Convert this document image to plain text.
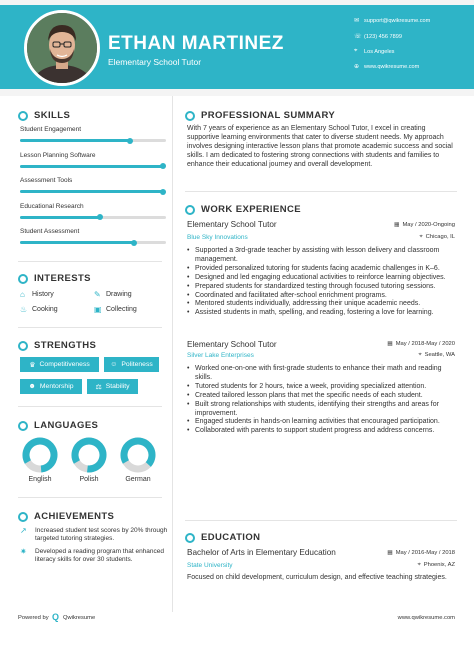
ETHAN MARTINEZ
Elementary School Tutor
✉ support@qwikresume.com
☏ (123) 456 7899
⌖	Los Angeles
⊕ www.qwikresume.com
SKILLS
Student Engagement
Lesson Planning Software
Assessment Tools
Educational Research
Student Assessment
INTERESTS
⌂	History	✎ Drawing
♨ Cooking	▣ Collecting
STRENGTHS
♛ Competitiveness	☺ Politeness
☻ Mentorship	⚖ Stability
LANGUAGES
English	Polish	German
ACHIEVEMENTS
↗	Increased student test scores by 20% through targeted tutoring strategies.
✷	Developed a reading program that enhanced literacy skills for over 30 students.
PROFESSIONAL SUMMARY
With 7 years of experience as an Elementary School Tutor, I excel in creating supportive learning environments that cater to diverse student needs. My approach involves designing interactive lesson plans that promote academic success and social skills. I am dedicated to fostering strong connections with students and families to enhance their educational journey and overall development.
WORK EXPERIENCE
Elementary School Tutor	▦ May / 2020-Ongoing
Blue Sky Innovations	⌖ Chicago, IL
• Supported a 3rd-grade teacher by assisting with lesson delivery and classroom management.
• Provided personalized tutoring for students facing academic challenges in K–6.
• Designed and led engaging educational activities to reinforce learning objectives.
• Prepared students for standardized testing through focused tutoring sessions.
• Coordinated and facilitated after-school enrichment programs.
• Mentored students individually, addressing their unique academic needs.
• Assisted students in math, spelling, and reading, fostering a love for learning.
Elementary School Tutor	▦ May / 2018-May / 2020
Silver Lake Enterprises	⌖ Seattle, WA
• Worked one-on-one with first-grade students to enhance their math and reading skills.
• Tutored students for 2 hours, twice a week, providing specialized attention.
• Created tailored lesson plans that met the specific needs of each student.
• Built strong relationships with students, identifying their strengths and areas for improvement.
• Engaged students in hands-on learning activities that encouraged participation.
• Collaborated with parents to support student progress and address concerns.
EDUCATION
Bachelor of Arts in Elementary Education	▦ May / 2016-May / 2018
State University	⌖ Phoenix, AZ
Focused on child development, curriculum design, and effective teaching strategies.
Powered by Q Qwikresume	www.qwikresume.com
